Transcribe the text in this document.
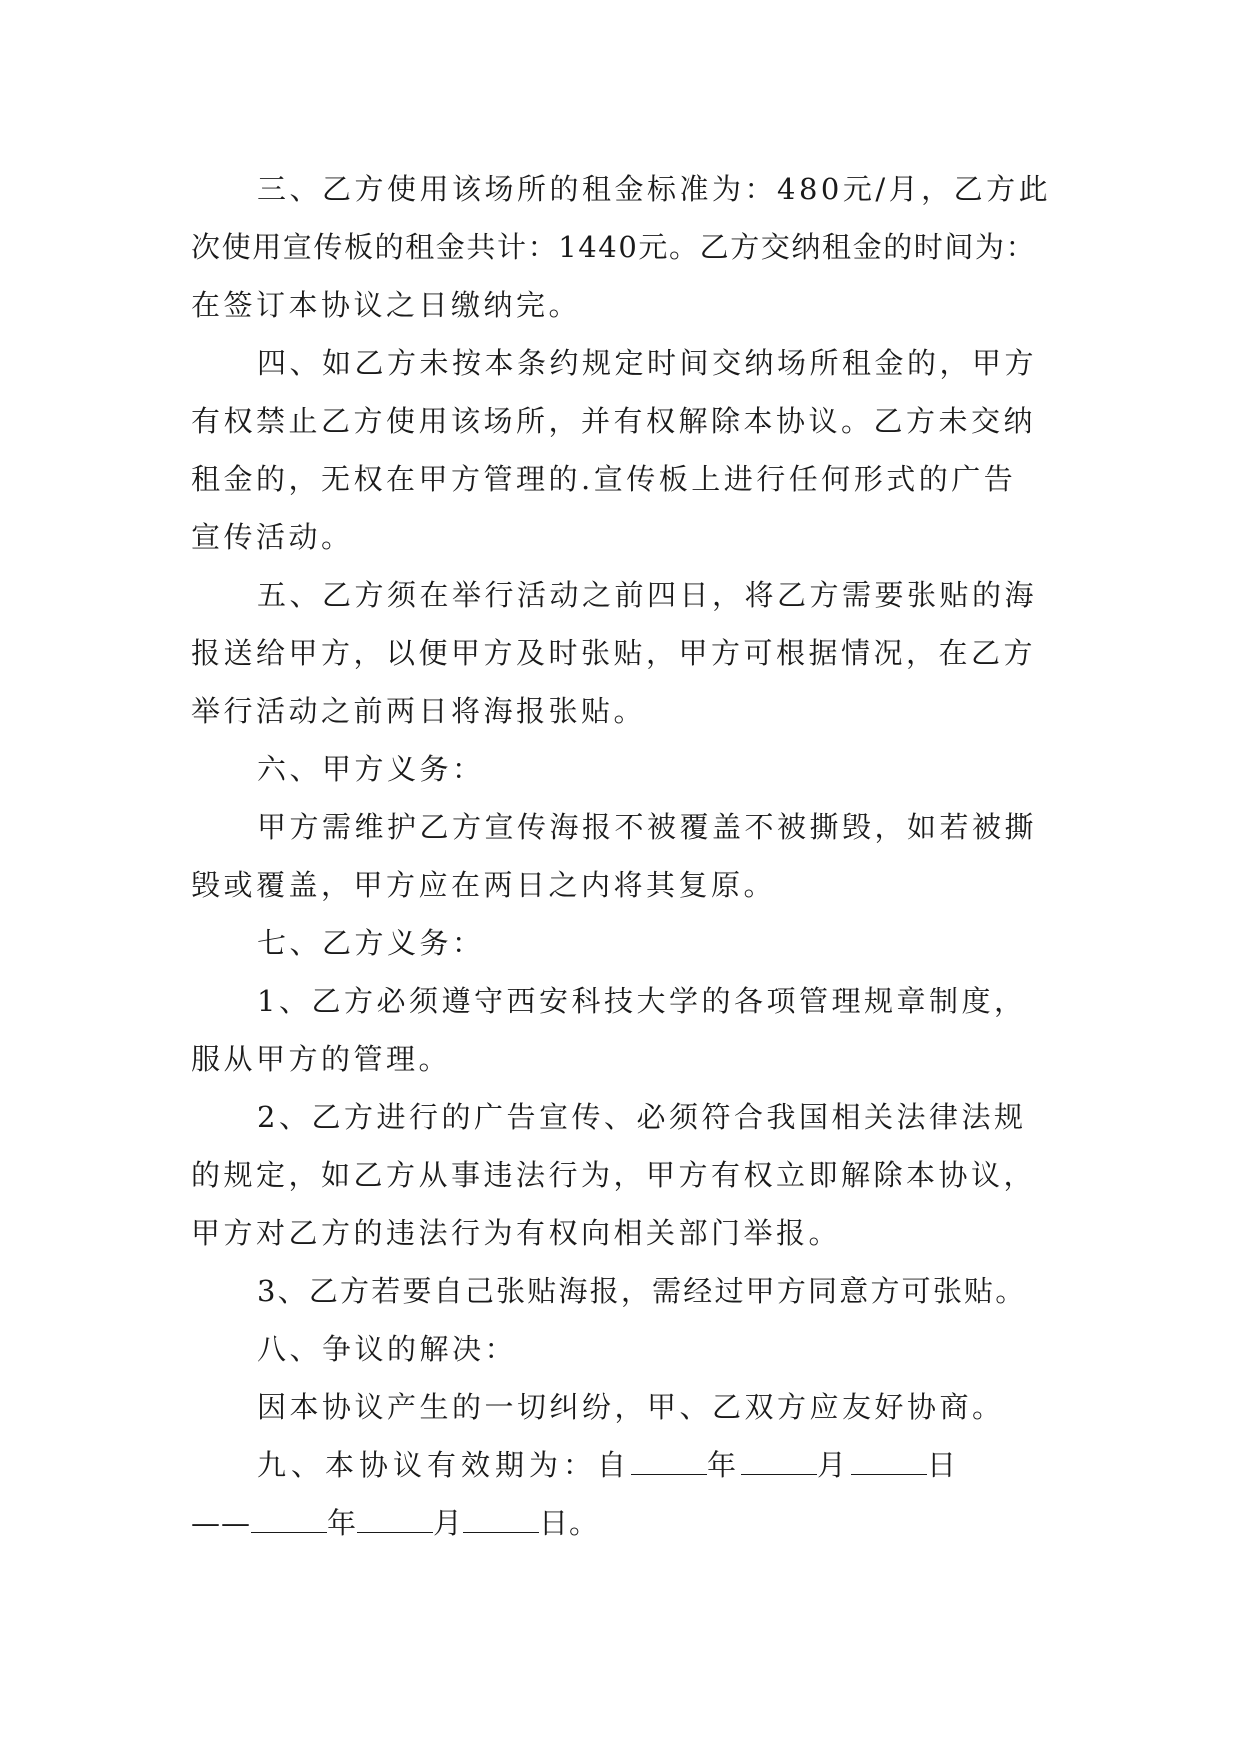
三、乙方使用该场所的租金标准为：480元/月，乙方此
次使用宣传板的租金共计：1440元。乙方交纳租金的时间为：
在签订本协议之日缴纳完。
四、如乙方未按本条约规定时间交纳场所租金的，甲方
有权禁止乙方使用该场所，并有权解除本协议。乙方未交纳
租金的，无权在甲方管理的.宣传板上进行任何形式的广告
宣传活动。
五、乙方须在举行活动之前四日，将乙方需要张贴的海
报送给甲方，以便甲方及时张贴，甲方可根据情况，在乙方
举行活动之前两日将海报张贴。
六、甲方义务：
甲方需维护乙方宣传海报不被覆盖不被撕毁，如若被撕
毁或覆盖，甲方应在两日之内将其复原。
七、乙方义务：
1、乙方必须遵守西安科技大学的各项管理规章制度，
服从甲方的管理。
2、乙方进行的广告宣传、必须符合我国相关法律法规
的规定，如乙方从事违法行为，甲方有权立即解除本协议，
甲方对乙方的违法行为有权向相关部门举报。
3、乙方若要自己张贴海报，需经过甲方同意方可张贴。
八、争议的解决：
因本协议产生的一切纠纷，甲、乙双方应友好协商。
九、本协议有效期为：自	年	月	日
——	年	月	日。
